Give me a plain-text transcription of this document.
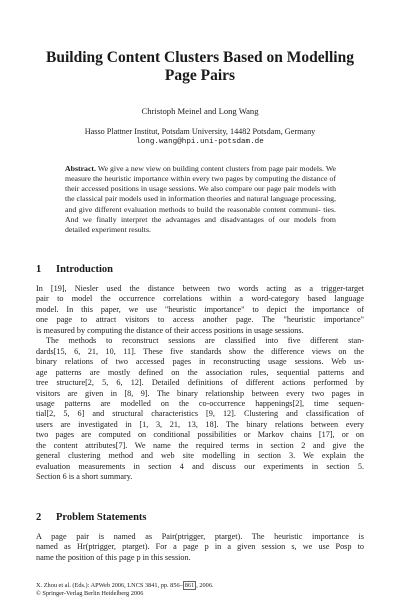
Building Content Clusters Based on Modelling
Page Pairs
Christoph Meinel and Long Wang
Hasso Plattner Institut, Potsdam University, 14482 Potsdam, Germany
long.wang@hpi.uni-potsdam.de
Abstract. We give a new view on building content clusters from page pair models. We measure the heuristic importance within every two pages by computing the distance of their accessed positions in usage sessions. We also compare our page pair models with the classical pair models used in information theories and natural language processing, and give different evaluation methods to build the reasonable content communi- ties. And we finally interpret the advantages and disadvantages of our models from detailed experiment results.
1 Introduction

In [19], Niesler used the distance between two words acting as a trigger-target
pair to model the occurrence correlations within a word-category based language
model. In this paper, we use "heuristic importance" to depict the importance of
one page to attract visitors to access another page. The "heuristic importance"
is measured by computing the distance of their access positions in usage sessions.

The methods to reconstruct sessions are classified into five different stan-
dards[15, 6, 21, 10, 11]. These five standards show the difference views on the
binary relations of two accessed pages in reconstructing usage sessions. Web us-
age patterns are mostly defined on the association rules, sequential patterns and
tree structure[2, 5, 6, 12]. Detailed definitions of different actions performed by
visitors are given in [8, 9]. The binary relationship between every two pages in
usage patterns are modelled on the co-occurrence happenings[2], time sequen-
tial[2, 5, 6] and structural characteristics [9, 12]. Clustering and classification of
users are investigated in [1, 3, 21, 13, 18]. The binary relations between every
two pages are computed on conditional possibilities or Markov chains [17], or on
the content attributes[7]. We name the required terms in section 2 and give the
general clustering method and web site modelling in section 3. We explain the
evaluation measurements in section 4 and discuss our experiments in section 5.
Section 6 is a short summary.

2 Problem Statements
A page pair is named as Pair(ptrigger, ptarget). The heuristic importance is
named as Hr(ptrigger, ptarget). For a page p in a given session s, we use Posp to
name the position of this page p in this session.
X. Zhou et al. (Eds.): APWeb 2006, LNCS 3841, pp. 856– 861 , 2006.
© Springer-Verlag Berlin Heidelberg 2006
